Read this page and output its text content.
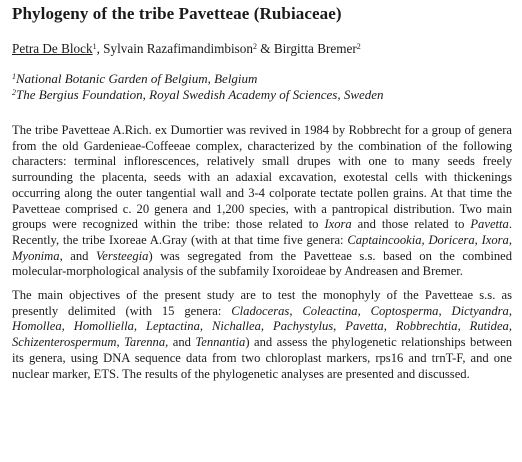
Phylogeny of the tribe Pavetteae (Rubiaceae)

Petra De Block$^1$, Sylvain Razafimandimbison$^2$ & Birgitta Bremer$^2$

$^1$National Botanic Garden of Belgium, Belgium

$^2$The Bergius Foundation, Royal Swedish Academy of Sciences, Sweden

The tribe Pavetteae A.Rich. ex Dumortier was revived in 1984 by Robbrecht for a group of genera from the old Gardenieae-Coffeeae complex, characterized by the combination of the following characters: terminal inflorescences, relatively small drupes with one to many seeds freely surrounding the placenta, seeds with an adaxial excavation, exotestal cells with thickenings occurring along the outer tangential wall and 3-4 colporate tectate pollen grains. At that time the Pavetteae comprised c. 20 genera and 1,200 species, with a pantropical distribution. Two main groups were recognized within the tribe: those related to Ixora and those related to Pavetta. Recently, the tribe Ixoreae A.Gray (with at that time five genera: Captaincookia, Doricera, Ixora, Myonima, and Versteegia) was segregated from the Pavetteae s.s. based on the combined molecular-morphological analysis of the subfamily Ixoroideae by Andreasen and Bremer.

The main objectives of the present study are to test the monophyly of the Pavetteae s.s. as presently delimited (with 15 genera: Cladoceras, Coleactina, Coptosperma, Dictyandra, Homollea, Homolliella, Leptactina, Nichallea, Pachystylus, Pavetta, Robbrechtia, Rutidea, Schizenterospermum, Tarenna, and Tennantia) and assess the phylogenetic relationships between its genera, using DNA sequence data from two chloroplast markers, rps16 and trnT-F, and one nuclear marker, ETS. The results of the phylogenetic analyses are presented and discussed.
